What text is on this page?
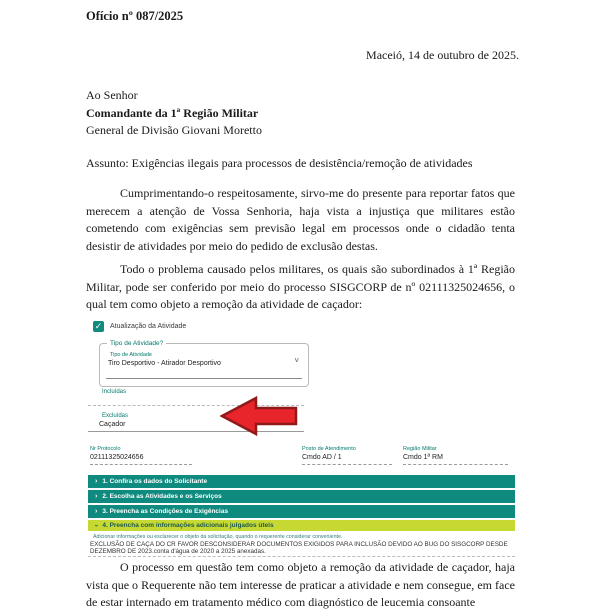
Ofício nº 087/2025
Maceió, 14 de outubro de 2025.
Ao Senhor
Comandante da 1ª Região Militar
General de Divisão Giovani Moretto
Assunto: Exigências ilegais para processos de desistência/remoção de atividades

Cumprimentando-o respeitosamente, sirvo-me do presente para reportar fatos que merecem a atenção de Vossa Senhoria, haja vista a injustiça que militares estão cometendo com exigências sem previsão legal em processos onde o cidadão tenta desistir de atividades por meio do pedido de exclusão destas.

Todo o problema causado pelos militares, os quais são subordinados à 1ª Região Militar, pode ser conferido por meio do processo SISGCORP de nº 02111325024656, o qual tem como objeto a remoção da atividade de caçador:

✓ Atualização da Atividade
Tipo de Atividade?
Tipo de Atividade
Tiro Desportivo - Atirador Desportivo	˅
Incluídas
Excluídas
Caçador
Nr Protocolo
02111325024656
Posto de Atendimento
Cmdo AD / 1
Região Militar
Cmdo 1ª RM
› 1. Confira os dados do Solicitante
› 2. Escolha as Atividades e os Serviços
› 3. Preencha as Condições de Exigências
› 4. Preencha com informações adicionais julgados úteis
Adicionar informações ou esclarecer o objeto da solicitação, quando o requerente considerar conveniente.
EXCLUSÃO DE CAÇA DO CR FAVOR DESCONSIDERAR DOCUMENTOS EXIGIDOS PARA INCLUSÃO DEVIDO AO BUG DO SISGCORP DESDE DEZEMBRO DE 2023.conta d'água de 2020 a 2025 anexadas.

O processo em questão tem como objeto a remoção da atividade de caçador, haja vista que o Requerente não tem interesse de praticar a atividade e nem consegue, em face de estar internado em tratamento médico com diagnóstico de leucemia consoante
